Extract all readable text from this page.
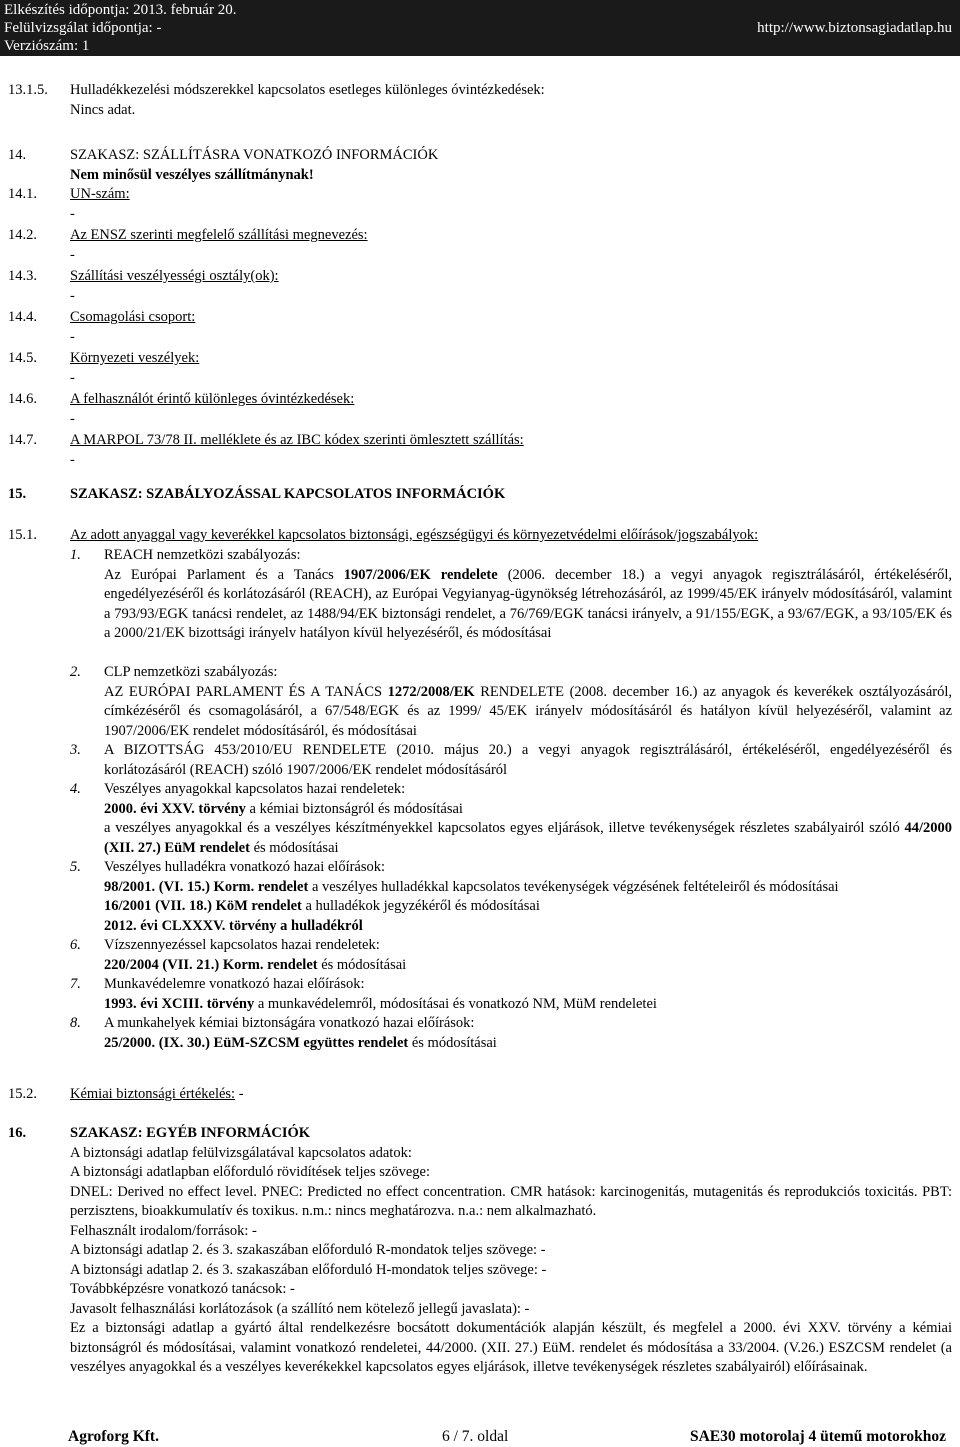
Elkészítés időpontja: 2013. február 20.
Felülvizsgálat időpontja: -
Verziószám: 1
http://www.biztonsagiadatlap.hu
13.1.5.	Hulladékkezelési módszerekkel kapcsolatos esetleges különleges óvintézkedések:
Nincs adat.
14.	SZAKASZ: SZÁLLÍTÁSRA VONATKOZÓ INFORMÁCIÓK
Nem minősül veszélyes szállítmánynak!
14.1.	UN-szám:
-
14.2.	Az ENSZ szerinti megfelelő szállítási megnevezés:
-
14.3.	Szállítási veszélyességi osztály(ok):
-
14.4.	Csomagolási csoport:
-
14.5.	Környezeti veszélyek:
-
14.6.	A felhasználót érintő különleges óvintézkedések:
-
14.7.	A MARPOL 73/78 II. melléklete és az IBC kódex szerinti ömlesztett szállítás:
-
15.	SZAKASZ: SZABÁLYOZÁSSAL KAPCSOLATOS INFORMÁCIÓK
15.1.	Az adott anyaggal vagy keverékkel kapcsolatos biztonsági, egészségügyi és környezetvédelmi előírások/jogszabályok:
1. REACH nemzetközi szabályozás:
Az Európai Parlament és a Tanács 1907/2006/EK rendelete (2006. december 18.) a vegyi anyagok regisztrálásáról, értékeléséről, engedélyezéséről és korlátozásáról (REACH), az Európai Vegyianyag-ügynökség létrehozásáról, az 1999/45/EK irányelv módosításáról, valamint a 793/93/EGK tanácsi rendelet, az 1488/94/EK biztonsági rendelet, a 76/769/EGK tanácsi irányelv, a 91/155/EGK, a 93/67/EGK, a 93/105/EK és a 2000/21/EK bizottsági irányelv hatályon kívül helyezéséről, és módosításai
2. CLP nemzetközi szabályozás:
AZ EURÓPAI PARLAMENT ÉS A TANÁCS 1272/2008/EK RENDELETE (2008. december 16.) az anyagok és keverékek osztályozásáról, címkézéséről és csomagolásáról, a 67/548/EGK és az 1999/ 45/EK irányelv módosításáról és hatályon kívül helyezéséről, valamint az 1907/2006/EK rendelet módosításáról, és módosításai
3. A BIZOTTSÁG 453/2010/EU RENDELETE (2010. május 20.) a vegyi anyagok regisztrálásáról, értékeléséről, engedélyezéséről és korlátozásáról (REACH) szóló 1907/2006/EK rendelet módosításáról
4. Veszélyes anyagokkal kapcsolatos hazai rendeletek:
2000. évi XXV. törvény a kémiai biztonságról és módosításai
a veszélyes anyagokkal és a veszélyes készítményekkel kapcsolatos egyes eljárások, illetve tevékenységek részletes szabályairól szóló 44/2000 (XII. 27.) EüM rendelet és módosításai
5. Veszélyes hulladékra vonatkozó hazai előírások:
98/2001. (VI. 15.) Korm. rendelet a veszélyes hulladékkal kapcsolatos tevékenységek végzésének feltételeiről és módosításai
16/2001 (VII. 18.) KöM rendelet a hulladékok jegyzékéről és módosításai
2012. évi CLXXXV. törvény a hulladékról
6. Vízszennyezéssel kapcsolatos hazai rendeletek:
220/2004 (VII. 21.) Korm. rendelet és módosításai
7. Munkavédelemre vonatkozó hazai előírások:
1993. évi XCIII. törvény a munkavédelemről, módosításai és vonatkozó NM, MüM rendeletei
8. A munkahelyek kémiai biztonságára vonatkozó hazai előírások:
25/2000. (IX. 30.) EüM-SZCSM együttes rendelet és módosításai
15.2.	Kémiai biztonsági értékelés: -
16.	SZAKASZ: EGYÉB INFORMÁCIÓK

A biztonsági adatlap felülvizsgálatával kapcsolatos adatok:

A biztonsági adatlapban előforduló rövidítések teljes szövege:

DNEL: Derived no effect level. PNEC: Predicted no effect concentration. CMR hatások: karcinogenitás, mutagenitás és reprodukciós toxicitás. PBT: perzisztens, bioakkumulatív és toxikus. n.m.: nincs meghatározva. n.a.: nem alkalmazható.

Felhasznált irodalom/források: -

A biztonsági adatlap 2. és 3. szakaszában előforduló R-mondatok teljes szövege: -

A biztonsági adatlap 2. és 3. szakaszában előforduló H-mondatok teljes szövege: -

Továbbképzésre vonatkozó tanácsok: -

Javasolt felhasználási korlátozások (a szállító nem kötelező jellegű javaslata): -

Ez a biztonsági adatlap a gyártó által rendelkezésre bocsátott dokumentációk alapján készült, és megfelel a 2000. évi XXV. törvény a kémiai biztonságról és módosításai, valamint vonatkozó rendeletei, 44/2000. (XII. 27.) EüM. rendelet és módosítása a 33/2004. (V.26.) ESZCSM rendelet (a veszélyes anyagokkal és a veszélyes keverékekkel kapcsolatos egyes eljárások, illetve tevékenységek részletes szabályairól) előírásainak.

Agroforg Kft.	6 / 7. oldal	SAE30 motorolaj 4 ütemű motorokhoz
